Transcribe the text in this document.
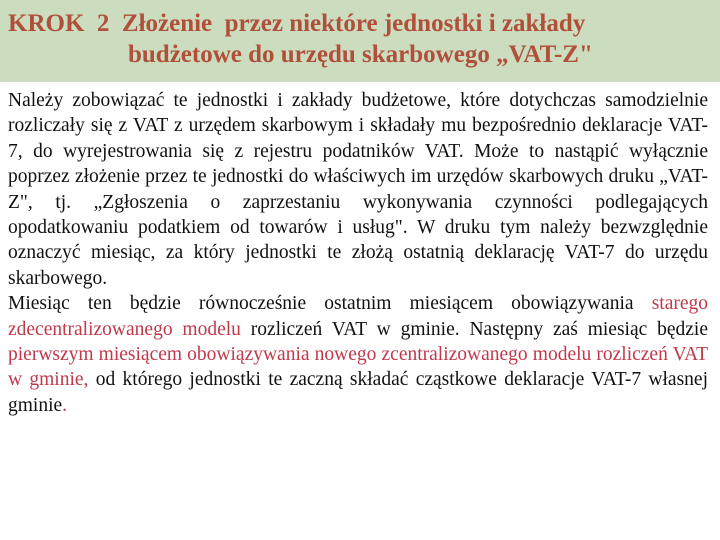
KROK  2  Złożenie  przez niektóre jednostki i zakłady
budżetowe do urzędu skarbowego „VAT-Z"

Należy zobowiązać te jednostki i zakłady budżetowe, które dotychczas samodzielnie rozliczały się z VAT z urzędem skarbowym i składały mu bezpośrednio deklaracje VAT-7, do wyrejestrowania się z rejestru podatników VAT. Może to nastąpić wyłącznie poprzez złożenie przez te jednostki do właściwych im urzędów skarbowych druku „VAT-Z", tj. „Zgłoszenia o zaprzestaniu wykonywania czynności podlegających opodatkowaniu podatkiem od towarów i usług". W druku tym należy bezwzględnie oznaczyć miesiąc, za który jednostki te złożą ostatnią deklarację VAT-7 do urzędu skarbowego.

Miesiąc ten będzie równocześnie ostatnim miesiącem obowiązywania starego zdecentralizowanego modelu rozliczeń VAT w gminie. Następny zaś miesiąc będzie pierwszym miesiącem obowiązywania nowego zcentralizowanego modelu rozliczeń VAT w gminie, od którego jednostki te zaczną składać cząstkowe deklaracje VAT-7 własnej gminie.
